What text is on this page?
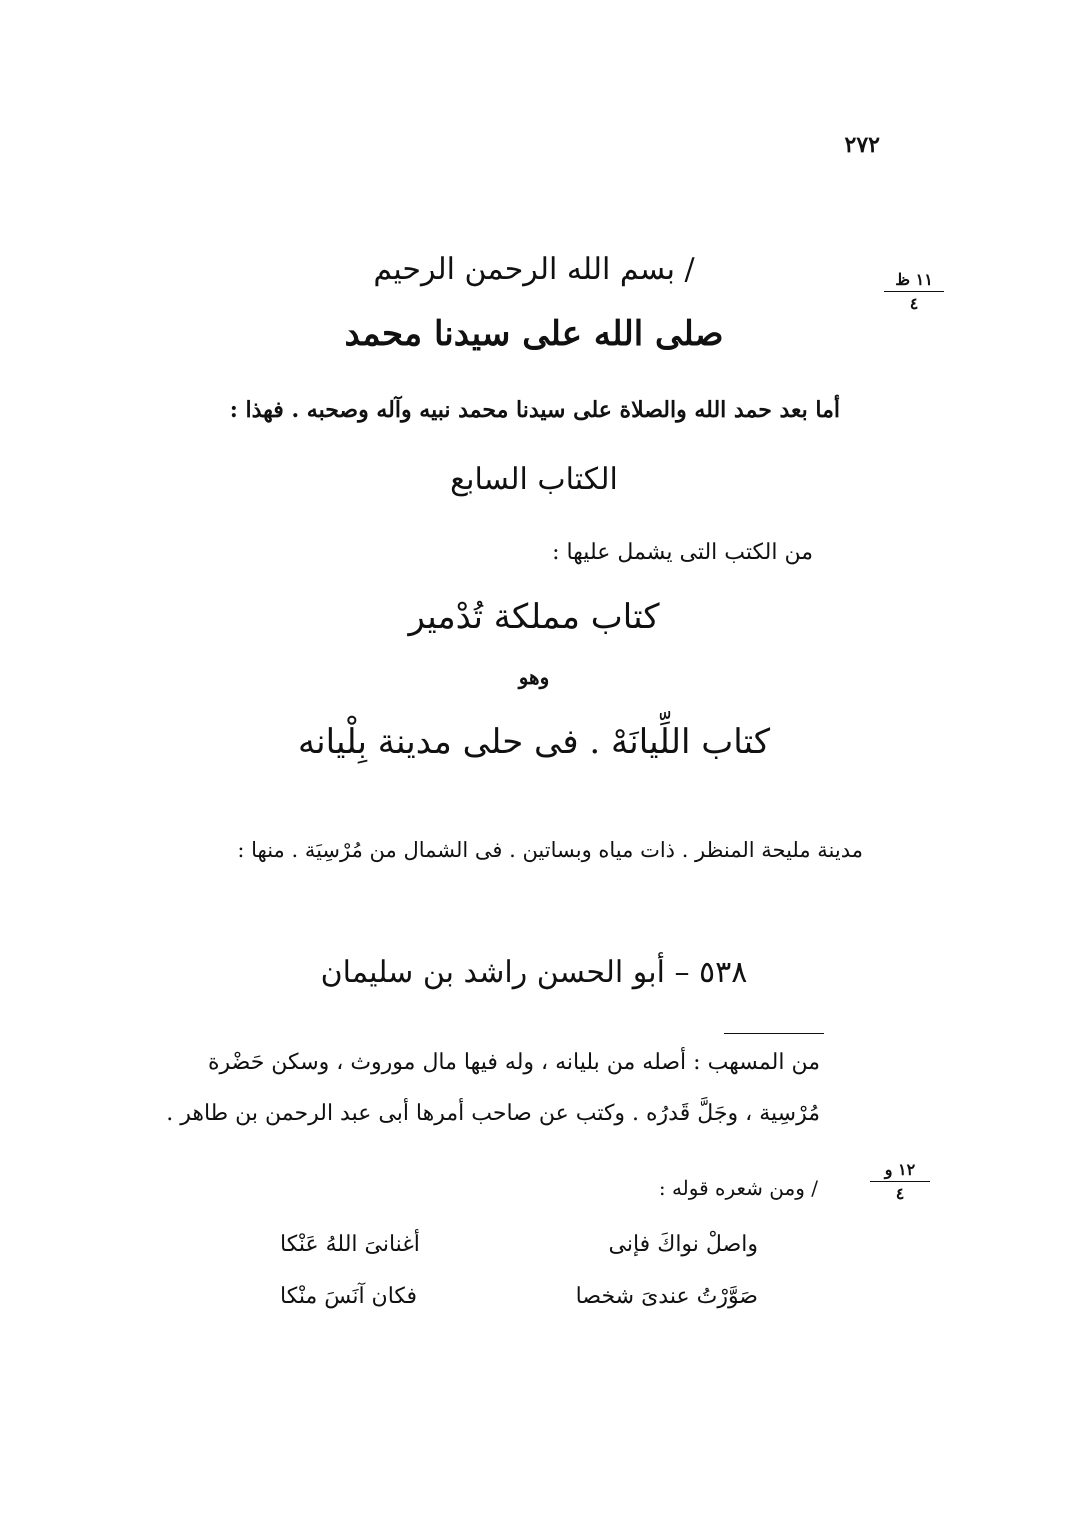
٢٧٢
١١ ظ
٤
/ بسم الله الرحمن الرحيم
صلى الله على سيدنا محمد
أما بعد حمد الله والصلاة على سيدنا محمد نبيه وآله وصحبه . فهذا :
الكتاب السابع
من الكتب التى يشمل عليها :
كتاب مملكة تُدْمير
وهو
كتاب اللِّيانَهْ . فى حلى مدينة بِلْيانه
مدينة مليحة المنظر . ذات مياه وبساتين . فى الشمال من مُرْسِيَة . منها :
٥٣٨ – أبو الحسن راشد بن سليمان
من المسهب : أصله من بليانه ، وله فيها مال موروث ، وسكن حَضْرة
مُرْسِية ، وجَلَّ قَدرُه . وكتب عن صاحب أمرها أبى عبد الرحمن بن طاهر .
١٢ و
٤
/ ومن شعره قوله :
واصلْ نواكَ فإنى
أغنانىَ اللهُ عَنْكا
صَوَّرْتُ عندىَ شخصا
فكان آنَسَ منْكا
